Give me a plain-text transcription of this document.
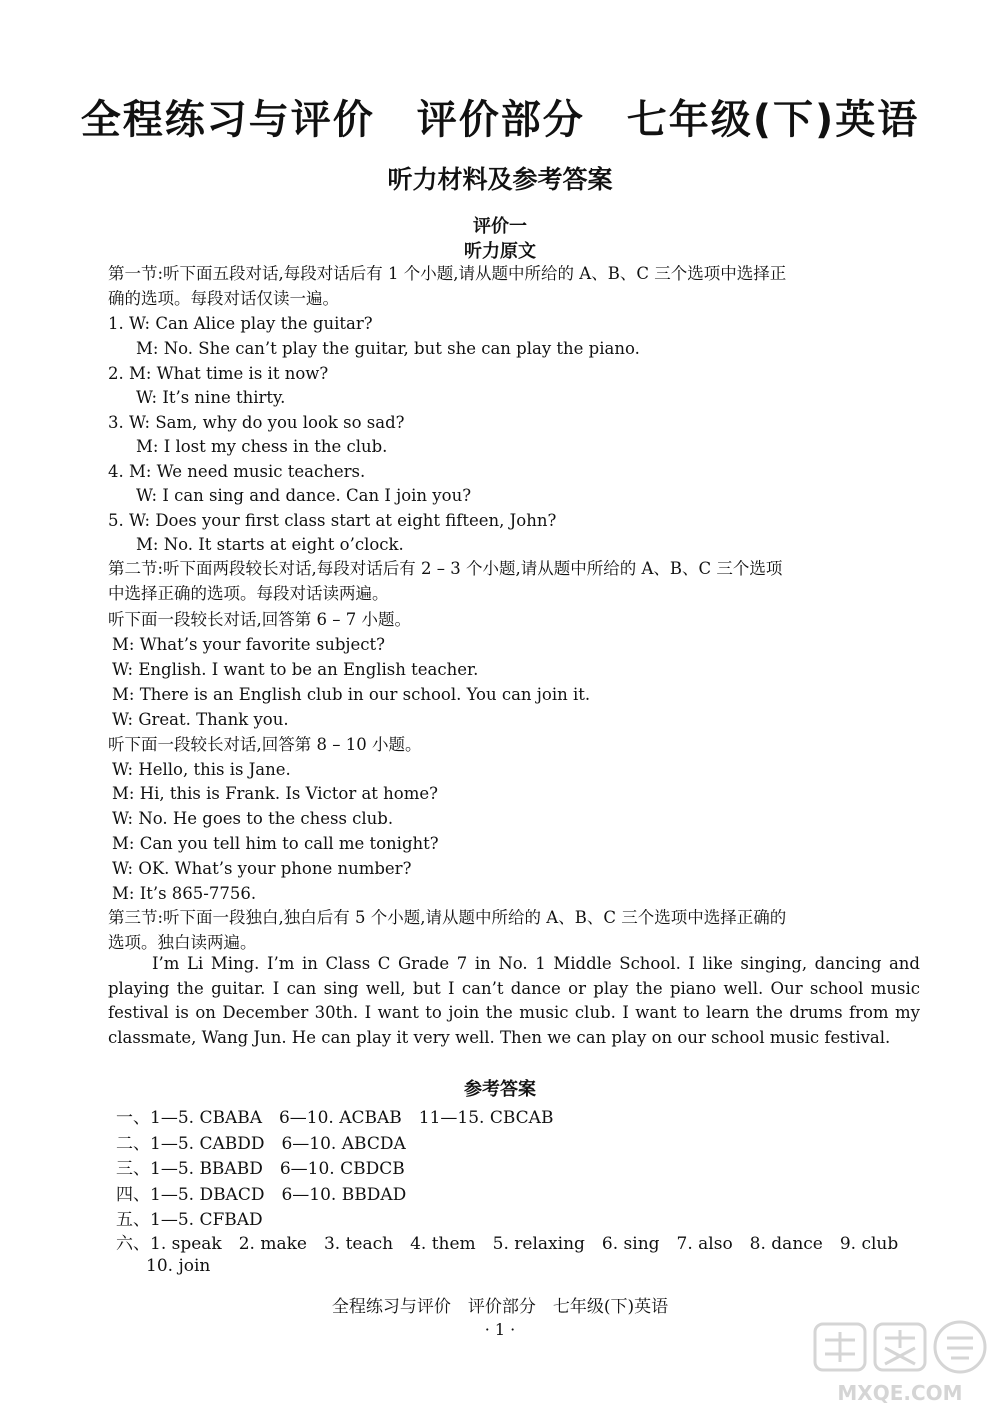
全程练习与评价　评价部分　七年级(下)英语
听力材料及参考答案
评价一
听力原文
第一节:听下面五段对话,每段对话后有 1 个小题,请从题中所给的 A、B、C 三个选项中选择正
确的选项。每段对话仅读一遍。
1. W: Can Alice play the guitar?
M: No. She can’t play the guitar, but she can play the piano.
2. M: What time is it now?
W: It’s nine thirty.
3. W: Sam, why do you look so sad?
M: I lost my chess in the club.
4. M: We need music teachers.
W: I can sing and dance. Can I join you?
5. W: Does your first class start at eight fifteen, John?
M: No. It starts at eight o’clock.
第二节:听下面两段较长对话,每段对话后有 2 – 3 个小题,请从题中所给的 A、B、C 三个选项
中选择正确的选项。每段对话读两遍。
听下面一段较长对话,回答第 6 – 7 小题。
M: What’s your favorite subject?
W: English. I want to be an English teacher.
M: There is an English club in our school. You can join it.
W: Great. Thank you.
听下面一段较长对话,回答第 8 – 10 小题。
W: Hello, this is Jane.
M: Hi, this is Frank. Is Victor at home?
W: No. He goes to the chess club.
M: Can you tell him to call me tonight?
W: OK. What’s your phone number?
M: It’s 865-7756.
第三节:听下面一段独白,独白后有 5 个小题,请从题中所给的 A、B、C 三个选项中选择正确的
选项。独白读两遍。
I’m Li Ming. I’m in Class C Grade 7 in No. 1 Middle School. I like singing, dancing and playing the guitar. I can sing well, but I can’t dance or play the piano well. Our school music festival is on December 30th. I want to join the music club. I want to learn the drums from my classmate, Wang Jun. He can play it very well. Then we can play on our school music festival.
参考答案
一、1—5. CBABA　6—10. ACBAB　11—15. CBCAB
二、1—5. CABDD　6—10. ABCDA
三、1—5. BBABD　6—10. CBDCB
四、1—5. DBACD　6—10. BBDAD
五、1—5. CFBAD
六、1. speak　2. make　3. teach　4. them　5. relaxing　6. sing　7. also　8. dance　9. club
10. join
全程练习与评价　评价部分　七年级(下)英语
· 1 ·
MXQE.COM
